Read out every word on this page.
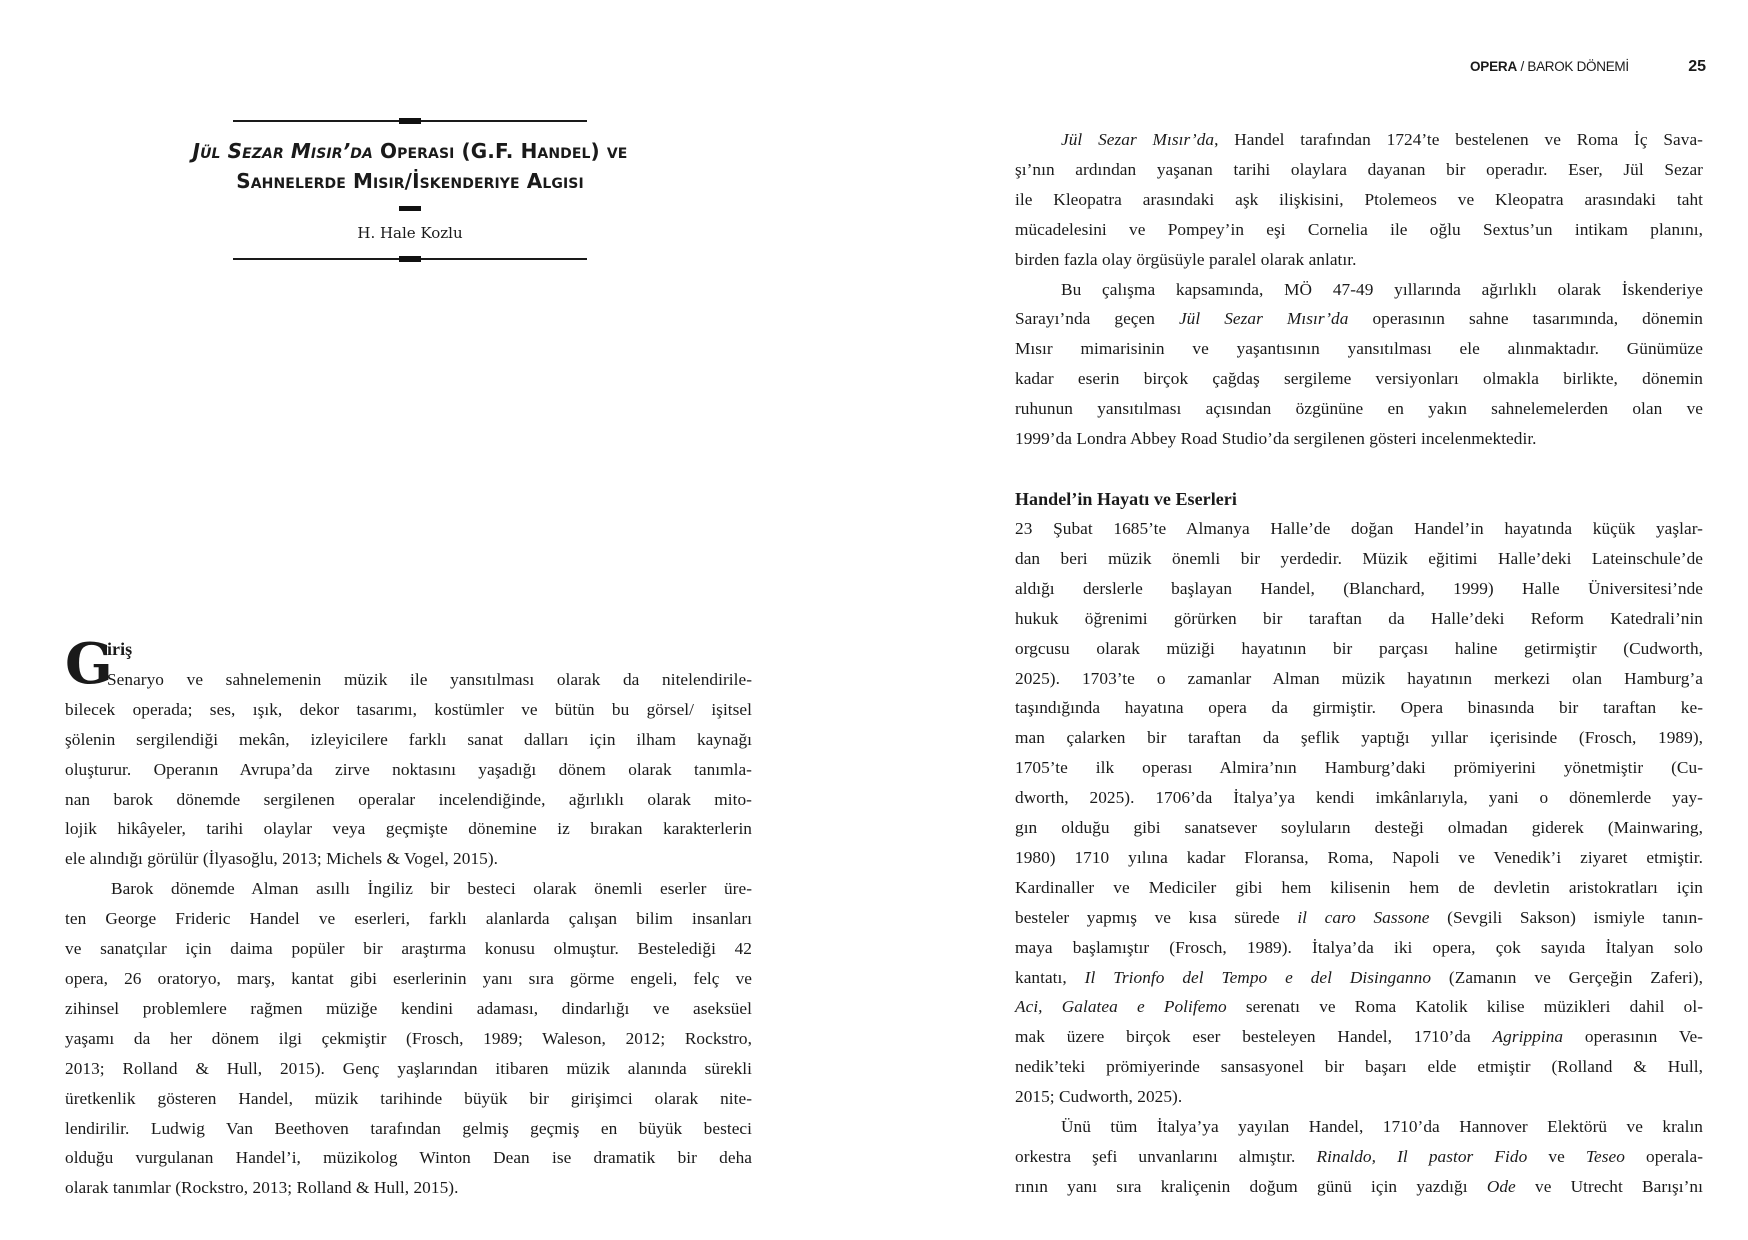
OPERA / BAROK DÖNEMİ	25
Jül Sezar Mısır’da Operası (G.F. Handel) ve
Sahnelerde Mısır/İskenderiye Algısı
H. Hale Kozlu
G
iriş
Senaryo ve sahnelemenin müzik ile yansıtılması olarak da nitelendirile-

bilecek operada; ses, ışık, dekor tasarımı, kostümler ve bütün bu görsel/ işitsel
şölenin sergilendiği mekân, izleyicilere farklı sanat dalları için ilham kaynağı
oluşturur. Operanın Avrupa’da zirve noktasını yaşadığı dönem olarak tanımla-
nan barok dönemde sergilenen operalar incelendiğinde, ağırlıklı olarak mito-
lojik hikâyeler, tarihi olaylar veya geçmişte dönemine iz bırakan karakterlerin
ele alındığı görülür (İlyasoğlu, 2013; Michels & Vogel, 2015).

Barok dönemde Alman asıllı İngiliz bir besteci olarak önemli eserler üre-
ten George Frideric Handel ve eserleri, farklı alanlarda çalışan bilim insanları
ve sanatçılar için daima popüler bir araştırma konusu olmuştur. Bestelediği 42
opera, 26 oratoryo, marş, kantat gibi eserlerinin yanı sıra görme engeli, felç ve
zihinsel problemlere rağmen müziğe kendini adaması, dindarlığı ve aseksüel
yaşamı da her dönem ilgi çekmiştir (Frosch, 1989; Waleson, 2012; Rockstro,
2013; Rolland & Hull, 2015). Genç yaşlarından itibaren müzik alanında sürekli
üretkenlik gösteren Handel, müzik tarihinde büyük bir girişimci olarak nite-
lendirilir. Ludwig Van Beethoven tarafından gelmiş geçmiş en büyük besteci
olduğu vurgulanan Handel’i, müzikolog Winton Dean ise dramatik bir deha
olarak tanımlar (Rockstro, 2013; Rolland & Hull, 2015).

Jül Sezar Mısır’da, Handel tarafından 1724’te bestelenen ve Roma İç Sava-
şı’nın ardından yaşanan tarihi olaylara dayanan bir operadır. Eser, Jül Sezar
ile Kleopatra arasındaki aşk ilişkisini, Ptolemeos ve Kleopatra arasındaki taht
mücadelesini ve Pompey’in eşi Cornelia ile oğlu Sextus’un intikam planını,
birden fazla olay örgüsüyle paralel olarak anlatır.

Bu çalışma kapsamında, MÖ 47-49 yıllarında ağırlıklı olarak İskenderiye
Sarayı’nda geçen Jül Sezar Mısır’da operasının sahne tasarımında, dönemin
Mısır mimarisinin ve yaşantısının yansıtılması ele alınmaktadır. Günümüze
kadar eserin birçok çağdaş sergileme versiyonları olmakla birlikte, dönemin
ruhunun yansıtılması açısından özgününe en yakın sahnelemelerden olan ve
1999’da Londra Abbey Road Studio’da sergilenen gösteri incelenmektedir.

Handel’in Hayatı ve Eserleri

23 Şubat 1685’te Almanya Halle’de doğan Handel’in hayatında küçük yaşlar-
dan beri müzik önemli bir yerdedir. Müzik eğitimi Halle’deki Lateinschule’de
aldığı derslerle başlayan Handel, (Blanchard, 1999) Halle Üniversitesi’nde
hukuk öğrenimi görürken bir taraftan da Halle’deki Reform Katedrali’nin
orgcusu olarak müziği hayatının bir parçası haline getirmiştir (Cudworth,
2025). 1703’te o zamanlar Alman müzik hayatının merkezi olan Hamburg’a
taşındığında hayatına opera da girmiştir. Opera binasında bir taraftan ke-
man çalarken bir taraftan da şeflik yaptığı yıllar içerisinde (Frosch, 1989),
1705’te ilk operası Almira’nın Hamburg’daki prömiyerini yönetmiştir (Cu-
dworth, 2025). 1706’da İtalya’ya kendi imkânlarıyla, yani o dönemlerde yay-
gın olduğu gibi sanatsever soyluların desteği olmadan giderek (Mainwaring,
1980) 1710 yılına kadar Floransa, Roma, Napoli ve Venedik’i ziyaret etmiştir.
Kardinaller ve Mediciler gibi hem kilisenin hem de devletin aristokratları için
besteler yapmış ve kısa sürede il caro Sassone (Sevgili Sakson) ismiyle tanın-
maya başlamıştır (Frosch, 1989). İtalya’da iki opera, çok sayıda İtalyan solo
kantatı, Il Trionfo del Tempo e del Disinganno (Zamanın ve Gerçeğin Zaferi),
Aci, Galatea e Polifemo serenatı ve Roma Katolik kilise müzikleri dahil ol-
mak üzere birçok eser besteleyen Handel, 1710’da Agrippina operasının Ve-
nedik’teki prömiyerinde sansasyonel bir başarı elde etmiştir (Rolland & Hull,
2015; Cudworth, 2025).

Ünü tüm İtalya’ya yayılan Handel, 1710’da Hannover Elektörü ve kralın
orkestra şefi unvanlarını almıştır. Rinaldo, Il pastor Fido ve Teseo operala-
rının yanı sıra kraliçenin doğum günü için yazdığı Ode ve Utrecht Barışı’nı
